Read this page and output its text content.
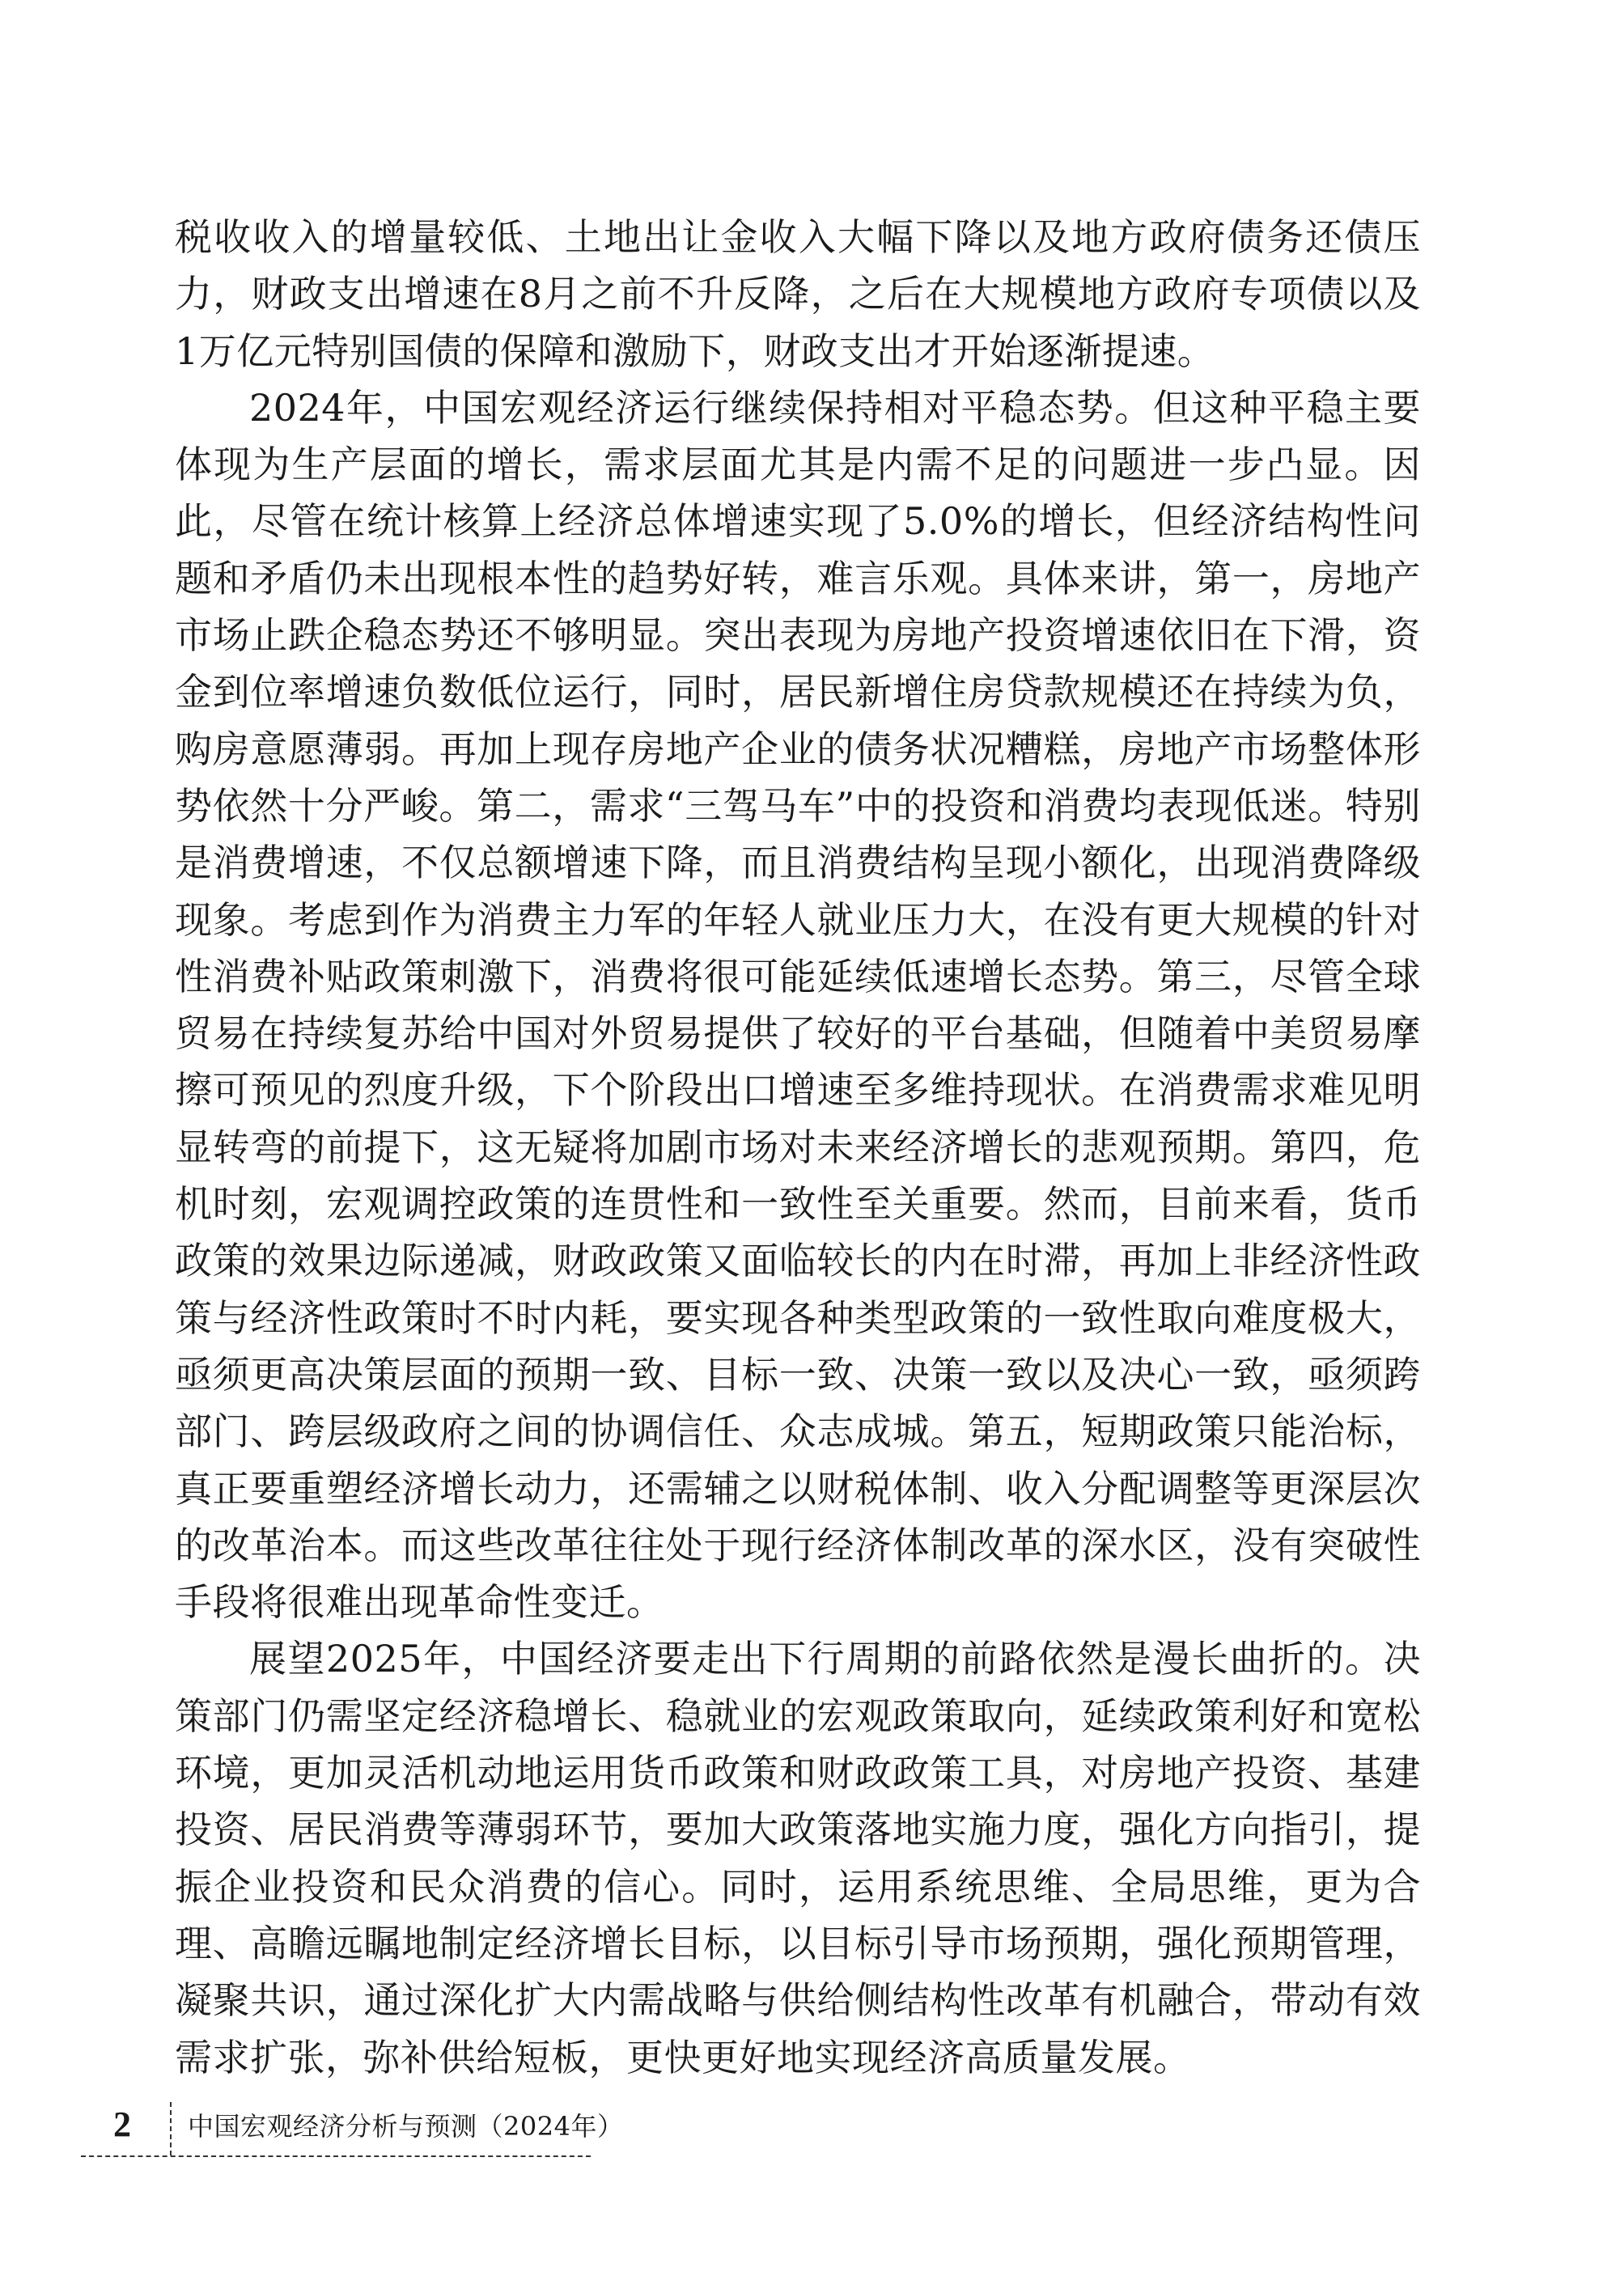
税收收入的增量较低、土地出让金收入大幅下降以及地方政府债务还债压力，财政支出增速在8月之前不升反降，之后在大规模地方政府专项债以及1万亿元特别国债的保障和激励下，财政支出才开始逐渐提速。

2024年，中国宏观经济运行继续保持相对平稳态势。但这种平稳主要体现为生产层面的增长，需求层面尤其是内需不足的问题进一步凸显。因此，尽管在统计核算上经济总体增速实现了5.0%的增长，但经济结构性问题和矛盾仍未出现根本性的趋势好转，难言乐观。具体来讲，第一，房地产市场止跌企稳态势还不够明显。突出表现为房地产投资增速依旧在下滑，资金到位率增速负数低位运行，同时，居民新增住房贷款规模还在持续为负，购房意愿薄弱。再加上现存房地产企业的债务状况糟糕，房地产市场整体形势依然十分严峻。第二，需求“三驾马车”中的投资和消费均表现低迷。特别是消费增速，不仅总额增速下降，而且消费结构呈现小额化，出现消费降级现象。考虑到作为消费主力军的年轻人就业压力大，在没有更大规模的针对性消费补贴政策刺激下，消费将很可能延续低速增长态势。第三，尽管全球贸易在持续复苏给中国对外贸易提供了较好的平台基础，但随着中美贸易摩擦可预见的烈度升级，下个阶段出口增速至多维持现状。在消费需求难见明显转弯的前提下，这无疑将加剧市场对未来经济增长的悲观预期。第四，危机时刻，宏观调控政策的连贯性和一致性至关重要。然而，目前来看，货币政策的效果边际递减，财政政策又面临较长的内在时滞，再加上非经济性政策与经济性政策时不时内耗，要实现各种类型政策的一致性取向难度极大，亟须更高决策层面的预期一致、目标一致、决策一致以及决心一致，亟须跨部门、跨层级政府之间的协调信任、众志成城。第五，短期政策只能治标，真正要重塑经济增长动力，还需辅之以财税体制、收入分配调整等更深层次的改革治本。而这些改革往往处于现行经济体制改革的深水区，没有突破性手段将很难出现革命性变迁。

展望2025年，中国经济要走出下行周期的前路依然是漫长曲折的。决策部门仍需坚定经济稳增长、稳就业的宏观政策取向，延续政策利好和宽松环境，更加灵活机动地运用货币政策和财政政策工具，对房地产投资、基建投资、居民消费等薄弱环节，要加大政策落地实施力度，强化方向指引，提振企业投资和民众消费的信心。同时，运用系统思维、全局思维，更为合理、高瞻远瞩地制定经济增长目标，以目标引导市场预期，强化预期管理，凝聚共识，通过深化扩大内需战略与供给侧结构性改革有机融合，带动有效需求扩张，弥补供给短板，更快更好地实现经济高质量发展。

2 中国宏观经济分析与预测（2024年）
